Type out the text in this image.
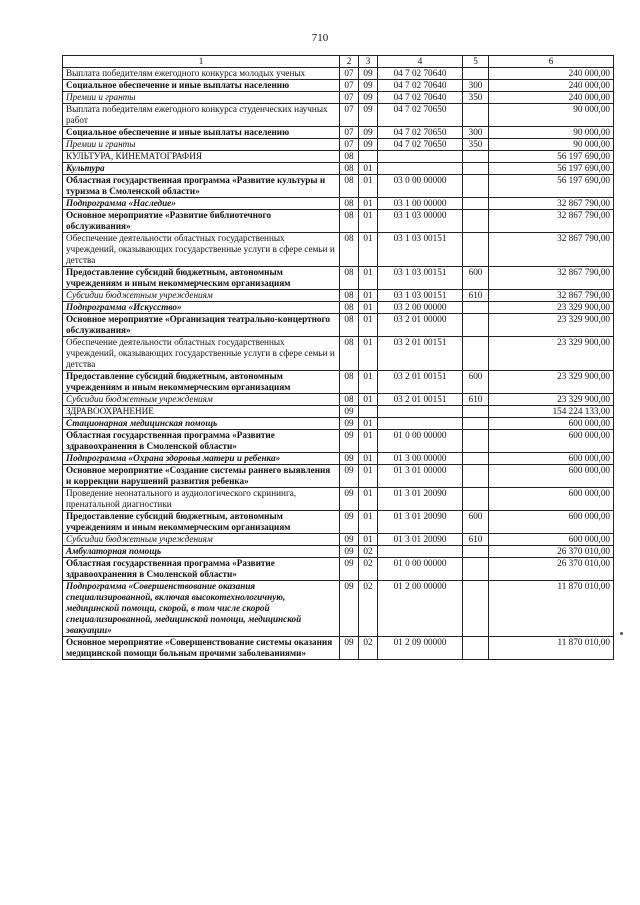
710
1	2	3	4	5	6
Выплата победителям ежегодного конкурса молодых ученых	07	09	04 7 02 70640		240 000,00
Социальное обеспечение и иные выплаты населению	07	09	04 7 02 70640	300	240 000,00
Премии и гранты	07	09	04 7 02 70640	350	240 000,00
Выплата победителям ежегодного конкурса студенческих научных работ	07	09	04 7 02 70650		90 000,00
Социальное обеспечение и иные выплаты населению	07	09	04 7 02 70650	300	90 000,00
Премии и гранты	07	09	04 7 02 70650	350	90 000,00
КУЛЬТУРА, КИНЕМАТОГРАФИЯ	08				56 197 690,00
Культура	08	01			56 197 690,00
Областная государственная программа «Развитие культуры и туризма в Смоленской области»	08	01	03 0 00 00000		56 197 690,00
Подпрограмма «Наследие»	08	01	03 1 00 00000		32 867 790,00
Основное мероприятие «Развитие библиотечного обслуживания»	08	01	03 1 03 00000		32 867 790,00
Обеспечение деятельности областных государственных учреждений, оказывающих государственные услуги в сфере семьи и детства	08	01	03 1 03 00151		32 867 790,00
Предоставление субсидий бюджетным, автономным учреждениям и иным некоммерческим организациям	08	01	03 1 03 00151	600	32 867 790,00
Субсидии бюджетным учреждениям	08	01	03 1 03 00151	610	32 867 790,00
Подпрограмма «Искусство»	08	01	03 2 00 00000		23 329 900,00
Основное мероприятие «Организация театрально-концертного обслуживания»	08	01	03 2 01 00000		23 329 900,00
Обеспечение деятельности областных государственных учреждений, оказывающих государственные услуги в сфере семьи и детства	08	01	03 2 01 00151		23 329 900,00
Предоставление субсидий бюджетным, автономным учреждениям и иным некоммерческим организациям	08	01	03 2 01 00151	600	23 329 900,00
Субсидии бюджетным учреждениям	08	01	03 2 01 00151	610	23 329 900,00
ЗДРАВООХРАНЕНИЕ	09				154 224 133,00
Стационарная медицинская помощь	09	01			600 000,00
Областная государственная программа «Развитие здравоохранения в Смоленской области»	09	01	01 0 00 00000		600 000,00
Подпрограмма «Охрана здоровья матери и ребенка»	09	01	01 3 00 00000		600 000,00
Основное мероприятие «Создание системы раннего выявления и коррекции нарушений развития ребенка»	09	01	01 3 01 00000		600 000,00
Проведение неонатального и аудиологического скрининга, пренатальной диагностики	09	01	01 3 01 20090		600 000,00
Предоставление субсидий бюджетным, автономным учреждениям и иным некоммерческим организациям	09	01	01 3 01 20090	600	600 000,00
Субсидии бюджетным учреждениям	09	01	01 3 01 20090	610	600 000,00
Амбулаторная помощь	09	02			26 370 010,00
Областная государственная программа «Развитие здравоохранения в Смоленской области»	09	02	01 0 00 00000		26 370 010,00
Подпрограмма «Совершенствование оказания специализированной, включая высокотехнологичную, медицинской помощи, скорой, в том числе скорой специализированной, медицинской помощи, медицинской эвакуации»	09	02	01 2 00 00000		11 870 010,00
Основное мероприятие «Совершенствование системы оказания медицинской помощи больным прочими заболеваниями»	09	02	01 2 09 00000		11 870 010,00
